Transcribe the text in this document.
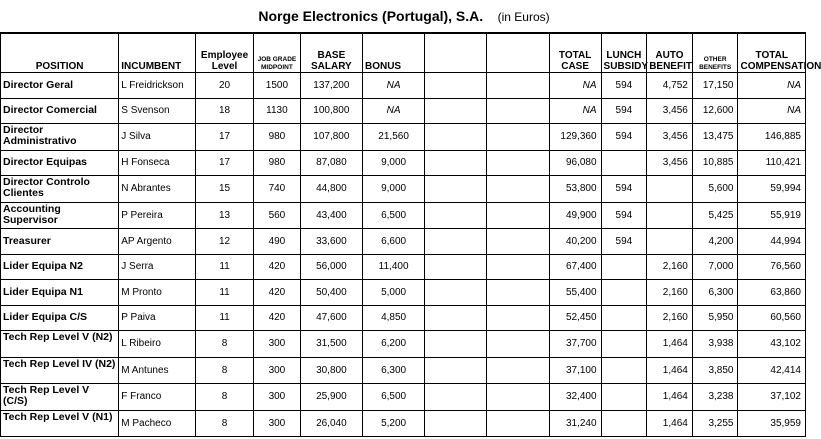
Norge Electronics (Portugal), S.A. (in Euros)
POSITION	INCUMBENT	Employee Level	JOB GRADE MIDPOINT	BASE SALARY	BONUS			TOTAL CASE	LUNCH SUBSIDY	AUTO BENEFIT	OTHER BENEFITS	TOTAL COMPENSATION
Director Geral	L Freidrickson	20	1500	137,200	NA			NA	594	4,752	17,150	NA
Director Comercial	S Svenson	18	1130	100,800	NA			NA	594	3,456	12,600	NA
Director Administrativo	J Silva	17	980	107,800	21,560			129,360	594	3,456	13,475	146,885
Director Equipas	H Fonseca	17	980	87,080	9,000			96,080		3,456	10,885	110,421
Director Controlo Clientes	N Abrantes	15	740	44,800	9,000			53,800	594		5,600	59,994
Accounting Supervisor	P Pereira	13	560	43,400	6,500			49,900	594		5,425	55,919
Treasurer	AP Argento	12	490	33,600	6,600			40,200	594		4,200	44,994
Lider Equipa N2	J Serra	11	420	56,000	11,400			67,400		2,160	7,000	76,560
Lider Equipa N1	M Pronto	11	420	50,400	5,000			55,400		2,160	6,300	63,860
Lider Equipa C/S	P Paiva	11	420	47,600	4,850			52,450		2,160	5,950	60,560
Tech Rep Level V (N2)	L Ribeiro	8	300	31,500	6,200			37,700		1,464	3,938	43,102
Tech Rep Level IV (N2)	M Antunes	8	300	30,800	6,300			37,100		1,464	3,850	42,414
Tech Rep Level V (C/S)	F Franco	8	300	25,900	6,500			32,400		1,464	3,238	37,102
Tech Rep Level V (N1)	M Pacheco	8	300	26,040	5,200			31,240		1,464	3,255	35,959
